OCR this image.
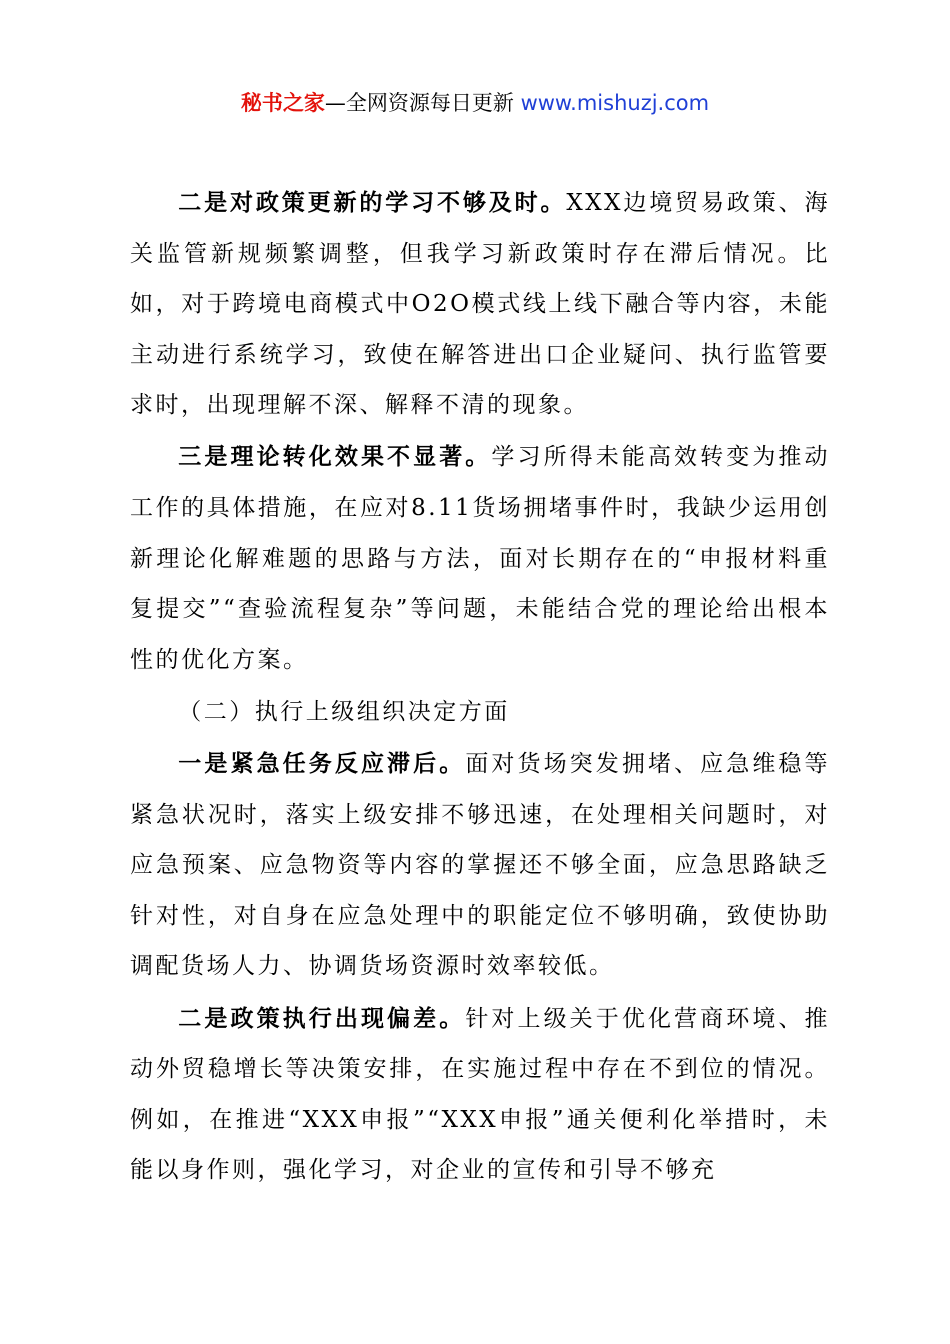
秘书之家—全网资源每日更新 www.mishuzj.com

二是对政策更新的学习不够及时。XXX边境贸易政策、海关监管新规频繁调整，但我学习新政策时存在滞后情况。比如，对于跨境电商模式中O2O模式线上线下融合等内容，未能主动进行系统学习，致使在解答进出口企业疑问、执行监管要求时，出现理解不深、解释不清的现象。

三是理论转化效果不显著。学习所得未能高效转变为推动工作的具体措施，在应对8.11货场拥堵事件时，我缺少运用创新理论化解难题的思路与方法，面对长期存在的“申报材料重复提交”“查验流程复杂”等问题，未能结合党的理论给出根本性的优化方案。

（二）执行上级组织决定方面

一是紧急任务反应滞后。面对货场突发拥堵、应急维稳等紧急状况时，落实上级安排不够迅速，在处理相关问题时，对应急预案、应急物资等内容的掌握还不够全面，应急思路缺乏针对性，对自身在应急处理中的职能定位不够明确，致使协助调配货场人力、协调货场资源时效率较低。

二是政策执行出现偏差。针对上级关于优化营商环境、推动外贸稳增长等决策安排，在实施过程中存在不到位的情况。例如，在推进“XXX申报”“XXX申报”通关便利化举措时，未能以身作则，强化学习，对企业的宣传和引导不够充
